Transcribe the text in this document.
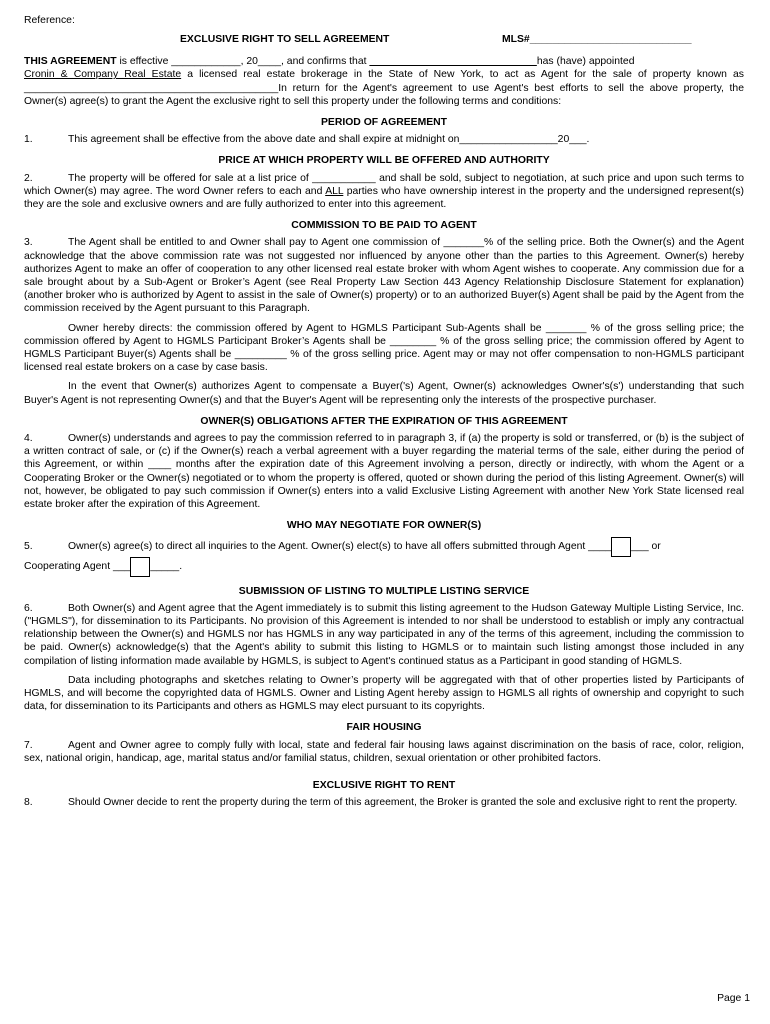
Reference:

EXCLUSIVE RIGHT TO SELL AGREEMENT	MLS#____________________________

THIS AGREEMENT is effective ____________, 20____, and confirms that	has (have) appointed
Cronin & Company Real Estate a licensed real estate brokerage in the State of New York, to act as Agent for the sale of property known as ____________________________________________In return for the Agent's agreement to use Agent's best efforts to sell the above property, the Owner(s) agree(s) to grant the Agent the exclusive right to sell this property under the following terms and conditions:

PERIOD OF AGREEMENT

1.	This agreement shall be effective from the above date and shall expire at midnight on_________________20___.

PRICE AT WHICH PROPERTY WILL BE OFFERED AND AUTHORITY

2.	The property will be offered for sale at a list price of ___________ and shall be sold, subject to negotiation, at such price and upon such terms to which Owner(s) may agree. The word Owner refers to each and ALL parties who have ownership interest in the property and the undersigned represent(s) they are the sole and exclusive owners and are fully authorized to enter into this agreement.

COMMISSION TO BE PAID TO AGENT

3.	The Agent shall be entitled to and Owner shall pay to Agent one commission of _______% of the selling price. Both the Owner(s) and the Agent acknowledge that the above commission rate was not suggested nor influenced by anyone other than the parties to this Agreement. Owner(s) hereby authorizes Agent to make an offer of cooperation to any other licensed real estate broker with whom Agent wishes to cooperate. Any commission due for a sale brought about by a Sub-Agent or Broker’s Agent (see Real Property Law Section 443 Agency Relationship Disclosure Statement for explanation) (another broker who is authorized by Agent to assist in the sale of Owner(s) property) or to an authorized Buyer(s) Agent shall be paid by the Agent from the commission received by the Agent pursuant to this Paragraph.

Owner hereby directs: the commission offered by Agent to HGMLS Participant Sub-Agents shall be _______ % of the gross selling price; the commission offered by Agent to HGMLS Participant Broker’s Agents shall be ________ % of the gross selling price; the commission offered by Agent to HGMLS Participant Buyer(s) Agents shall be _________ % of the gross selling price. Agent may or may not offer compensation to non-HGMLS participant licensed real estate brokers on a case by case basis.

In the event that Owner(s) authorizes Agent to compensate a Buyer('s) Agent, Owner(s) acknowledges Owner's(s') understanding that such Buyer's Agent is not representing Owner(s) and that the Buyer's Agent will be representing only the interests of the prospective purchaser.

OWNER(S) OBLIGATIONS AFTER THE EXPIRATION OF THIS AGREEMENT

4.	Owner(s) understands and agrees to pay the commission referred to in paragraph 3, if (a) the property is sold or transferred, or (b) is the subject of a written contract of sale, or (c) if the Owner(s) reach a verbal agreement with a buyer regarding the material terms of the sale, either during the period of this Agreement, or within ____ months after the expiration date of this Agreement involving a person, directly or indirectly, with whom the Agent or a Cooperating Broker or the Owner(s) negotiated or to whom the property is offered, quoted or shown during the period of this listing Agreement. Owner(s) will not, however, be obligated to pay such commission if Owner(s) enters into a valid Exclusive Listing Agreement with another New York State licensed real estate broker after the expiration of this Agreement.

WHO MAY NEGOTIATE FOR OWNER(S)

5.	Owner(s) agree(s) to direct all inquiries to the Agent. Owner(s) elect(s) to have all offers submitted through Agent ____ ___ or
Cooperating Agent ___ _____.

SUBMISSION OF LISTING TO MULTIPLE LISTING SERVICE

6.	Both Owner(s) and Agent agree that the Agent immediately is to submit this listing agreement to the Hudson Gateway Multiple Listing Service, Inc. ("HGMLS"), for dissemination to its Participants. No provision of this Agreement is intended to nor shall be understood to establish or imply any contractual relationship between the Owner(s) and HGMLS nor has HGMLS in any way participated in any of the terms of this agreement, including the commission to be paid. Owner(s) acknowledge(s) that the Agent's ability to submit this listing to HGMLS or to maintain such listing amongst those included in any compilation of listing information made available by HGMLS, is subject to Agent's continued status as a Participant in good standing of HGMLS.

Data including photographs and sketches relating to Owner’s property will be aggregated with that of other properties listed by Participants of HGMLS, and will become the copyrighted data of HGMLS. Owner and Listing Agent hereby assign to HGMLS all rights of ownership and copyright to such data, for dissemination to its Participants and others as HGMLS may elect pursuant to its copyrights.

FAIR HOUSING

7.	Agent and Owner agree to comply fully with local, state and federal fair housing laws against discrimination on the basis of race, color, religion, sex, national origin, handicap, age, marital status and/or familial status, children, sexual orientation or other prohibited factors.

EXCLUSIVE RIGHT TO RENT

8.	Should Owner decide to rent the property during the term of this agreement, the Broker is granted the sole and exclusive right to rent the property.

Page 1
